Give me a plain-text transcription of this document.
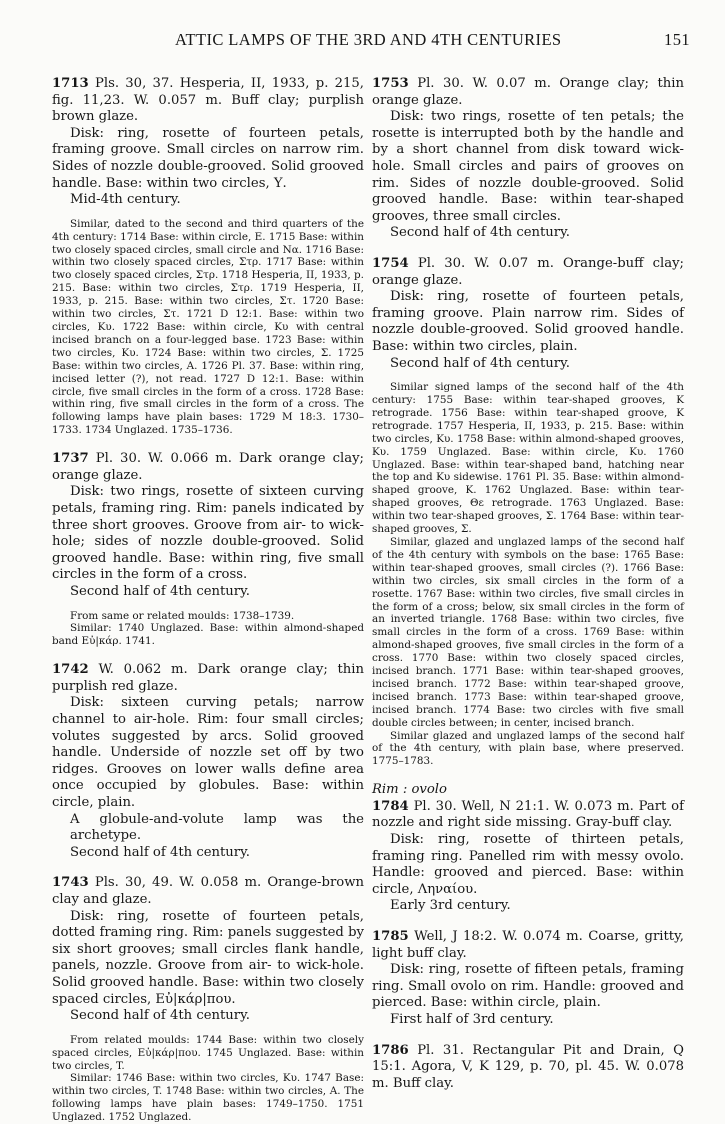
ATTIC LAMPS OF THE 3RD AND 4TH CENTURIES	151

1713 Pls. 30, 37. Hesperia, II, 1933, p. 215, fig. 11,23. W. 0.057 m. Buff clay; purplish brown glaze.

Disk: ring, rosette of fourteen petals, framing groove. Small circles on narrow rim. Sides of nozzle double-grooved. Solid grooved handle. Base: within two circles, Υ.

Mid-4th century.

Similar, dated to the second and third quarters of the 4th century: 1714 Base: within circle, E. 1715 Base: within two closely spaced circles, small circle and Να. 1716 Base: within two closely spaced circles, Στρ. 1717 Base: within two closely spaced circles, Στρ. 1718 Hesperia, II, 1933, p. 215. Base: within two circles, Στρ. 1719 Hesperia, II, 1933, p. 215. Base: within two circles, Στ. 1720 Base: within two circles, Στ. 1721 D 12:1. Base: within two circles, Κυ. 1722 Base: within circle, Κυ with central incised branch on a four-legged base. 1723 Base: within two circles, Κυ. 1724 Base: within two circles, Σ. 1725 Base: within two circles, A. 1726 Pl. 37. Base: within ring, incised letter (?), not read. 1727 D 12:1. Base: within circle, five small circles in the form of a cross. 1728 Base: within ring, five small circles in the form of a cross. The following lamps have plain bases: 1729 M 18:3. 1730–1733. 1734 Unglazed. 1735–1736.

1737 Pl. 30. W. 0.066 m. Dark orange clay; orange glaze.

Disk: two rings, rosette of sixteen curving petals, framing ring. Rim: panels indicated by three short grooves. Groove from air- to wick-hole; sides of nozzle double-grooved. Solid grooved handle. Base: within ring, five small circles in the form of a cross.

Second half of 4th century.

From same or related moulds: 1738–1739.

Similar: 1740 Unglazed. Base: within almond-shaped band Εὐ|κάρ. 1741.

1742 W. 0.062 m. Dark orange clay; thin purplish red glaze.

Disk: sixteen curving petals; narrow channel to air-hole. Rim: four small circles; volutes suggested by arcs. Solid grooved handle. Underside of nozzle set off by two ridges. Grooves on lower walls define area once occupied by globules. Base: within circle, plain.

A globule-and-volute lamp was the archetype.

Second half of 4th century.

1743 Pls. 30, 49. W. 0.058 m. Orange-brown clay and glaze.

Disk: ring, rosette of fourteen petals, dotted framing ring. Rim: panels suggested by six short grooves; small circles flank handle, panels, nozzle. Groove from air- to wick-hole. Solid grooved handle. Base: within two closely spaced circles, Εὐ|κάρ|που.

Second half of 4th century.

From related moulds: 1744 Base: within two closely spaced circles, Εὐ|κάρ|που. 1745 Unglazed. Base: within two circles, T.

Similar: 1746 Base: within two circles, Κυ. 1747 Base: within two circles, T. 1748 Base: within two circles, A. The following lamps have plain bases: 1749–1750. 1751 Unglazed. 1752 Unglazed.

1753 Pl. 30. W. 0.07 m. Orange clay; thin orange glaze.

Disk: two rings, rosette of ten petals; the rosette is interrupted both by the handle and by a short channel from disk toward wick-hole. Small circles and pairs of grooves on rim. Sides of nozzle double-grooved. Solid grooved handle. Base: within tear-shaped grooves, three small circles.

Second half of 4th century.

1754 Pl. 30. W. 0.07 m. Orange-buff clay; orange glaze.

Disk: ring, rosette of fourteen petals, framing groove. Plain narrow rim. Sides of nozzle double-grooved. Solid grooved handle. Base: within two circles, plain.

Second half of 4th century.

Similar signed lamps of the second half of the 4th century: 1755 Base: within tear-shaped grooves, K retrograde. 1756 Base: within tear-shaped groove, K retrograde. 1757 Hesperia, II, 1933, p. 215. Base: within two circles, Κυ. 1758 Base: within almond-shaped grooves, Κυ. 1759 Unglazed. Base: within circle, Κυ. 1760 Unglazed. Base: within tear-shaped band, hatching near the top and Κυ sidewise. 1761 Pl. 35. Base: within almond-shaped groove, K. 1762 Unglazed. Base: within tear-shaped grooves, Θε retrograde. 1763 Unglazed. Base: within two tear-shaped grooves, Σ. 1764 Base: within tear-shaped grooves, Σ.

Similar, glazed and unglazed lamps of the second half of the 4th century with symbols on the base: 1765 Base: within tear-shaped grooves, small circles (?). 1766 Base: within two circles, six small circles in the form of a rosette. 1767 Base: within two circles, five small circles in the form of a cross; below, six small circles in the form of an inverted triangle. 1768 Base: within two circles, five small circles in the form of a cross. 1769 Base: within almond-shaped grooves, five small circles in the form of a cross. 1770 Base: within two closely spaced circles, incised branch. 1771 Base: within tear-shaped grooves, incised branch. 1772 Base: within tear-shaped groove, incised branch. 1773 Base: within tear-shaped groove, incised branch. 1774 Base: two circles with five small double circles between; in center, incised branch.

Similar glazed and unglazed lamps of the second half of the 4th century, with plain base, where preserved. 1775–1783.

Rim : ovolo

1784 Pl. 30. Well, N 21:1. W. 0.073 m. Part of nozzle and right side missing. Gray-buff clay.

Disk: ring, rosette of thirteen petals, framing ring. Panelled rim with messy ovolo. Handle: grooved and pierced. Base: within circle, Ληναίου.

Early 3rd century.

1785 Well, J 18:2. W. 0.074 m. Coarse, gritty, light buff clay.

Disk: ring, rosette of fifteen petals, framing ring. Small ovolo on rim. Handle: grooved and pierced. Base: within circle, plain.

First half of 3rd century.

1786 Pl. 31. Rectangular Pit and Drain, Q 15:1. Agora, V, K 129, p. 70, pl. 45. W. 0.078 m. Buff clay.
